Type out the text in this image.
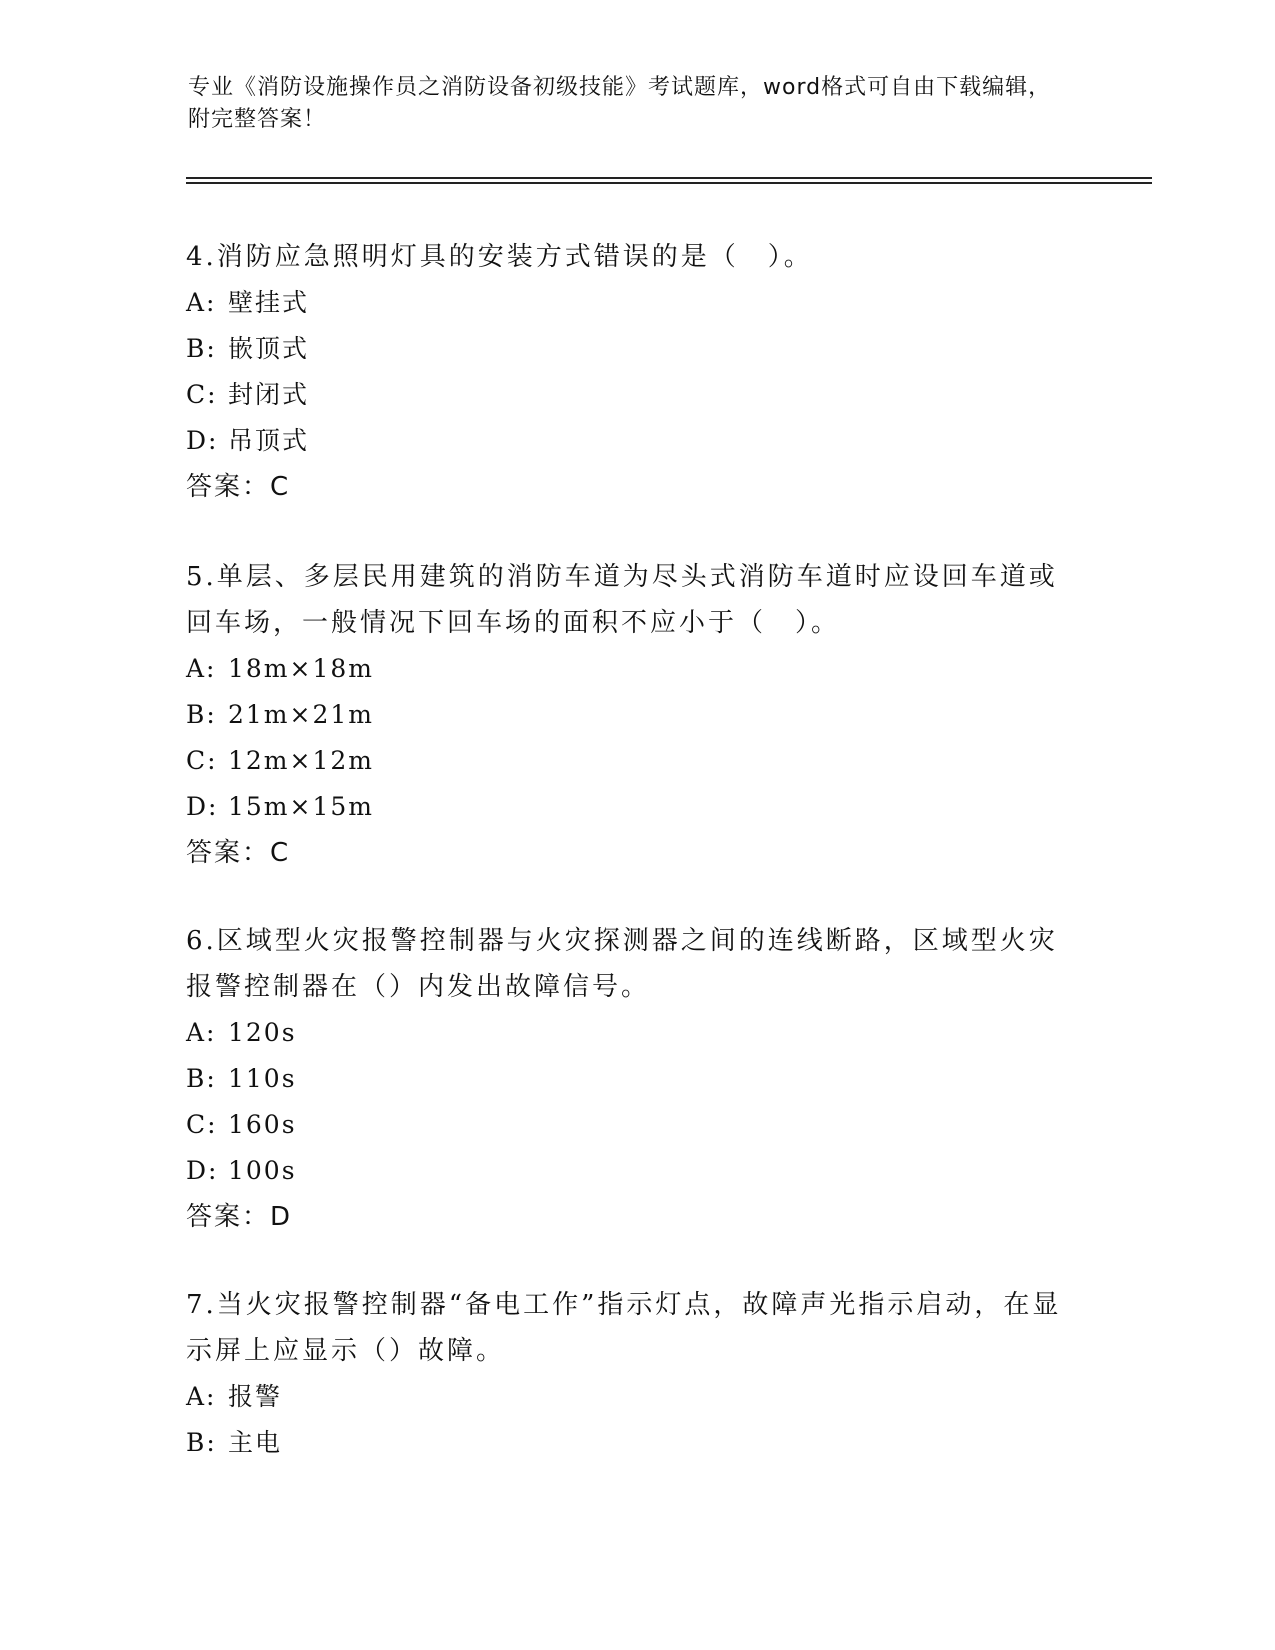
专业《消防设施操作员之消防设备初级技能》考试题库，word格式可自由下载编辑，附完整答案！

4.消防应急照明灯具的安装方式错误的是（　）。

A: 壁挂式

B: 嵌顶式

C: 封闭式

D: 吊顶式

答案：C

5.单层、多层民用建筑的消防车道为尽头式消防车道时应设回车道或回车场，一般情况下回车场的面积不应小于（　）。

A: 18m×18m

B: 21m×21m

C: 12m×12m

D: 15m×15m

答案：C

6.区域型火灾报警控制器与火灾探测器之间的连线断路，区域型火灾报警控制器在（）内发出故障信号。

A: 120s

B: 110s

C: 160s

D: 100s

答案：D

7.当火灾报警控制器“备电工作”指示灯点，故障声光指示启动，在显示屏上应显示（）故障。

A: 报警

B: 主电
